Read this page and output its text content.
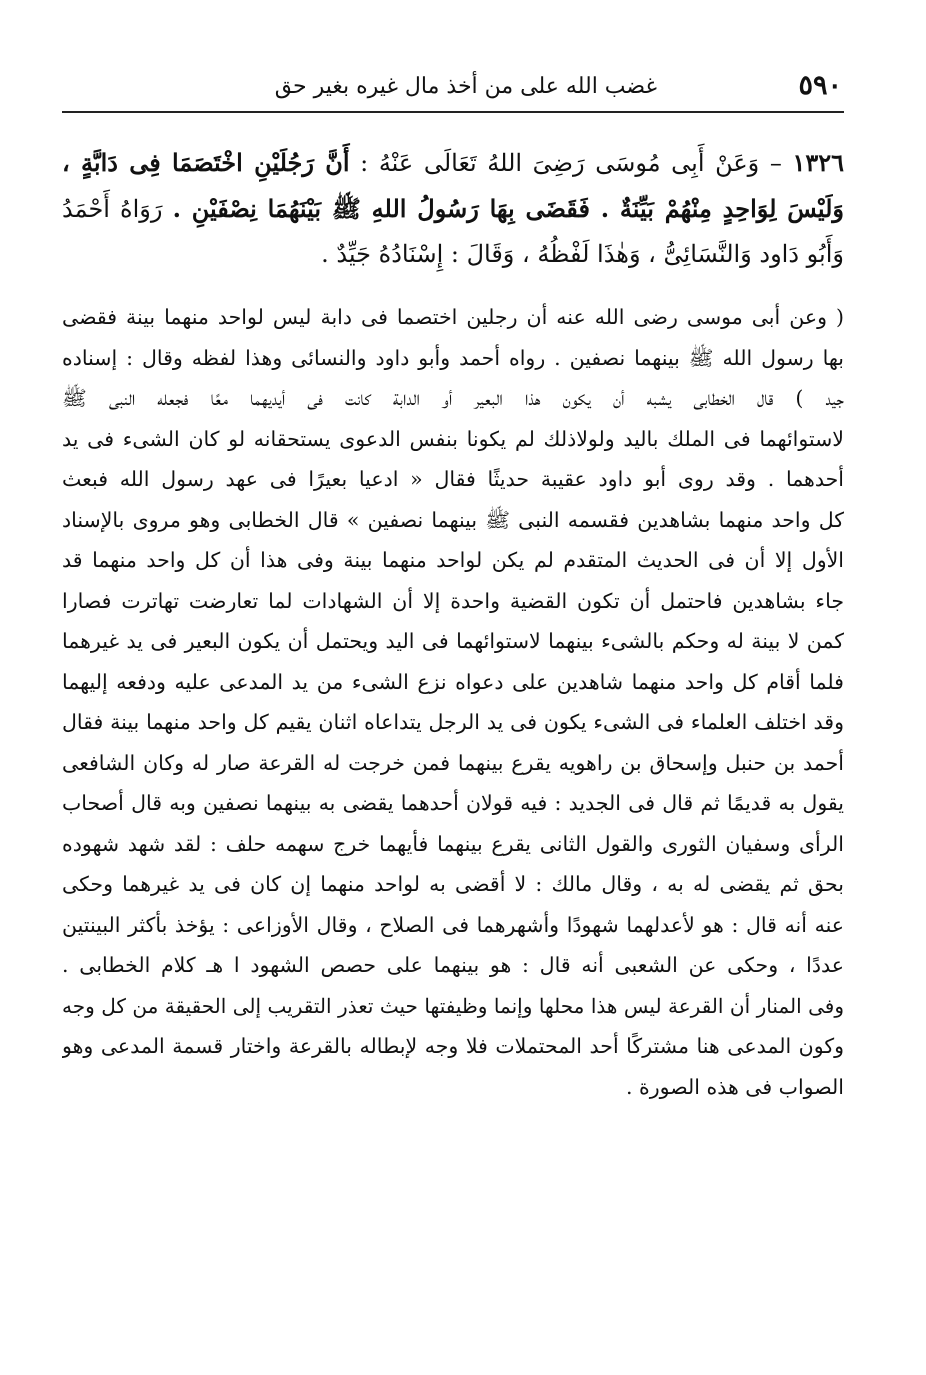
٥٩٠
غضب الله على من أخذ مال غيره بغير حق
١٣٢٦ – وَعَنْ أَبِى مُوسَى رَضِىَ اللهُ تَعَالَى عَنْهُ : أَنَّ رَجُلَيْنِ اخْتَصَمَا فِى دَابَّةٍ ، وَلَيْسَ لِوَاحِدٍ مِنْهُمْ بَيِّنَةٌ . فَقَضَى بِهَا رَسُولُ اللهِ ﷺ بَيْنَهُمَا نِصْفَيْنِ . رَوَاهُ أَحْمَدُ وَأَبُو دَاود وَالنَّسَائِىُّ ، وَهٰذَا لَفْظُهُ ، وَقَالَ : إِسْنَادُهُ جَيِّدٌ .
( وعن أبى موسى رضى الله عنه أن رجلين اختصما فى دابة ليس لواحد منهما بينة فقضى
بها رسول الله ﷺ بينهما نصفين . رواه أحمد وأبو داود والنسائى وهذا لفظه وقال : إسناده
جيد ) قال الخطابى يشبه أن يكون هذا البعير أو الدابة كانت فى أيديهما معًا فجعله النبى ﷺ
لاستوائهما فى الملك باليد ولولاذلك لم يكونا بنفس الدعوى يستحقانه لو كان الشىء فى يد
أحدهما . وقد روى أبو داود عقيبة حديثًا فقال « ادعيا بعيرًا فى عهد رسول الله فبعث
كل واحد منهما بشاهدين فقسمه النبى ﷺ بينهما نصفين » قال الخطابى وهو مروى بالإسناد
الأول إلا أن فى الحديث المتقدم لم يكن لواحد منهما بينة وفى هذا أن كل واحد منهما قد
جاء بشاهدين فاحتمل أن تكون القضية واحدة إلا أن الشهادات لما تعارضت تهاترت فصارا
كمن لا بينة له وحكم بالشىء بينهما لاستوائهما فى اليد ويحتمل أن يكون البعير فى يد غيرهما
فلما أقام كل واحد منهما شاهدين على دعواه نزع الشىء من يد المدعى عليه ودفعه إليهما
وقد اختلف العلماء فى الشىء يكون فى يد الرجل يتداعاه اثنان يقيم كل واحد منهما بينة فقال
أحمد بن حنبل وإسحاق بن راهويه يقرع بينهما فمن خرجت له القرعة صار له وكان الشافعى
يقول به قديمًا ثم قال فى الجديد : فيه قولان أحدهما يقضى به بينهما نصفين وبه قال أصحاب
الرأى وسفيان الثورى والقول الثانى يقرع بينهما فأيهما خرج سهمه حلف : لقد شهد شهوده
بحق ثم يقضى له به ، وقال مالك : لا أقضى به لواحد منهما إن كان فى يد غيرهما وحكى
عنه أنه قال : هو لأعدلهما شهودًا وأشهرهما فى الصلاح ، وقال الأوزاعى : يؤخذ بأكثر البينتين
عددًا ، وحكى عن الشعبى أنه قال : هو بينهما على حصص الشهود ا هـ كلام الخطابى .
وفى المنار أن القرعة ليس هذا محلها وإنما وظيفتها حيث تعذر التقريب إلى الحقيقة من كل وجه
وكون المدعى هنا مشتركًا أحد المحتملات فلا وجه لإبطاله بالقرعة واختار قسمة المدعى وهو
الصواب فى هذه الصورة .
